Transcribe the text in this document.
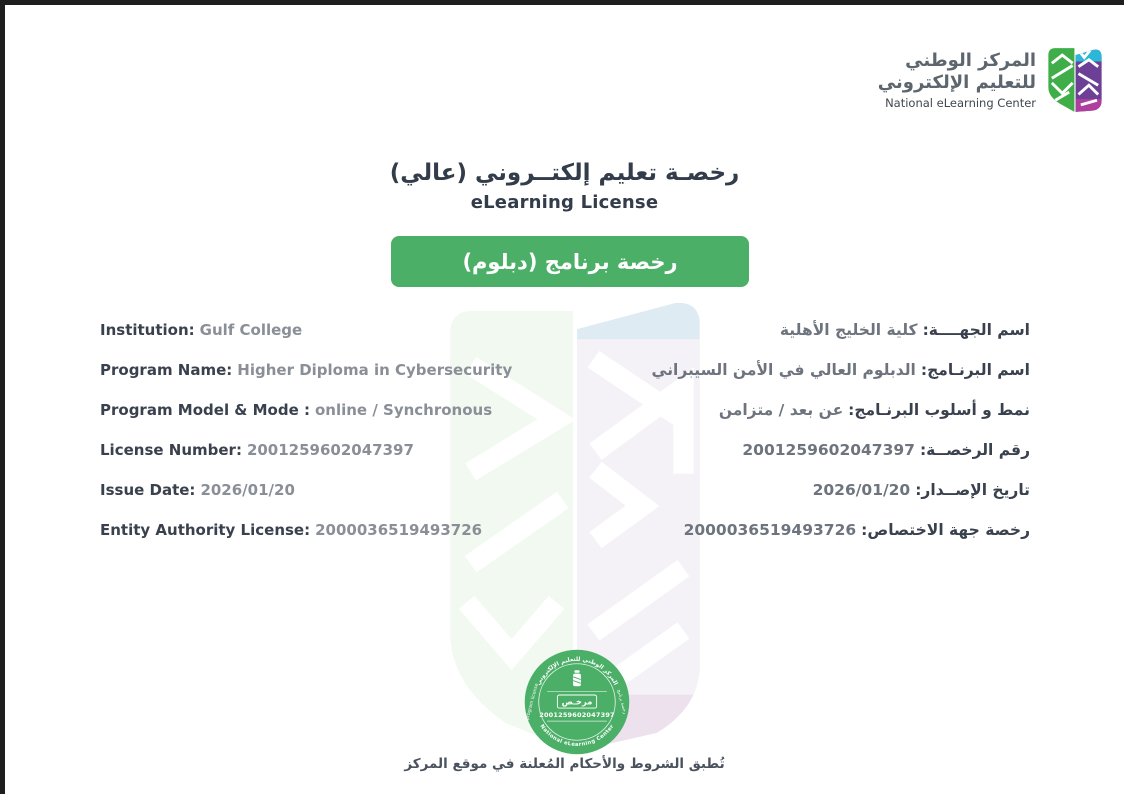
المركز الوطني
للتعليم الإلكتروني
National eLearning Center
رخصـة تعليم إلكتــروني (عالي)
eLearning License
رخصة برنامج (دبلوم)
Institution: Gulf College	اسم الجهــــة:كلية الخليج الأهلية
Program Name: Higher Diploma in Cybersecurity	اسم البرنـامج:الدبلوم العالي في الأمن السيبراني
Program Model & Mode : online / Synchronous	نمط و أسلوب البرنـامج:عن بعد / متزامن
License Number: 2001259602047397	رقم الرخصــة:2001259602047397
Issue Date: 2026/01/20	تاريخ الإصــدار:2026/01/20
Entity Authority License: 2000036519493726	رخصة جهة الاختصاص:2000036519493726
المركز الوطني للتعليم الإلكتروني
National eLearning Center
program license	رخصة برنامج
مرخـص
2001259602047397
تُطبق الشروط والأحكام المُعلنة في موقع المركز
